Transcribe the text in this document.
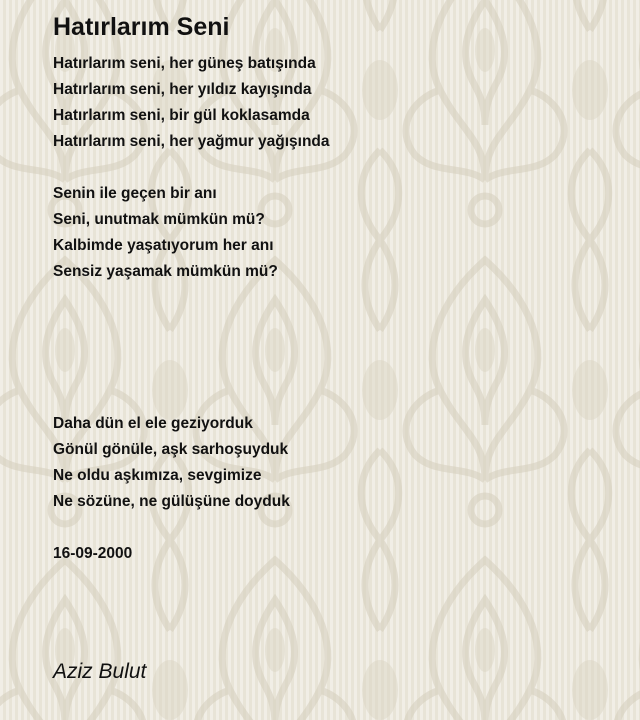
Hatırlarım Seni
Hatırlarım seni, her güneş batışında
Hatırlarım seni, her yıldız kayışında
Hatırlarım seni, bir gül koklasamda
Hatırlarım seni, her yağmur yağışında
Senin ile geçen bir anı
Seni, unutmak mümkün mü?
Kalbimde yaşatıyorum her anı
Sensiz yaşamak mümkün mü?
Daha dün el ele geziyorduk
Gönül gönüle, aşk sarhoşuyduk
Ne oldu aşkımıza, sevgimize
Ne sözüne, ne gülüşüne doyduk
16-09-2000
Aziz Bulut
